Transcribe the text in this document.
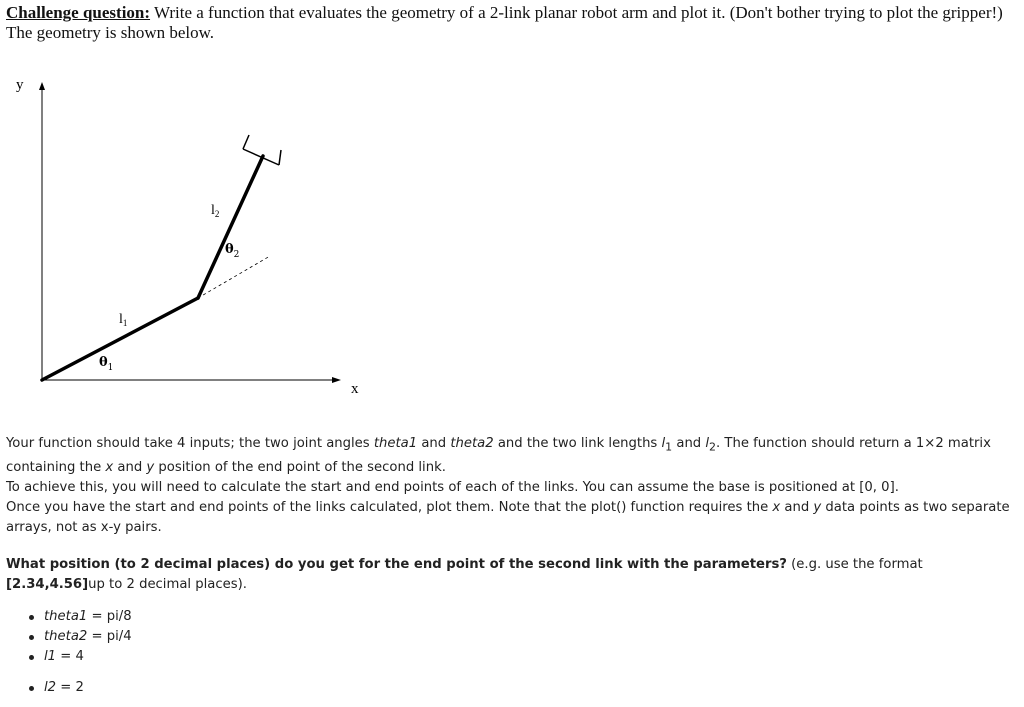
Challenge question: Write a function that evaluates the geometry of a 2-link planar robot arm and plot it. (Don't bother trying to plot the gripper!) The geometry is shown below.
y
x
$l_1$
$l_2$
$\theta_1$
$\theta_2$

Your function should take 4 inputs; the two joint angles theta1 and theta2 and the two link lengths $l_1$ and $l_2$. The function should return a 1×2 matrix containing the x and y position of the end point of the second link.

To achieve this, you will need to calculate the start and end points of each of the links. You can assume the base is positioned at [0, 0].

Once you have the start and end points of the links calculated, plot them. Note that the plot() function requires the x and y data points as two separate arrays, not as x-y pairs.

What position (to 2 decimal places) do you get for the end point of the second link with the parameters? (e.g. use the format [2.34,4.56]up to 2 decimal places).

theta1 = pi/8
theta2 = pi/4
l1 = 4
l2 = 2
